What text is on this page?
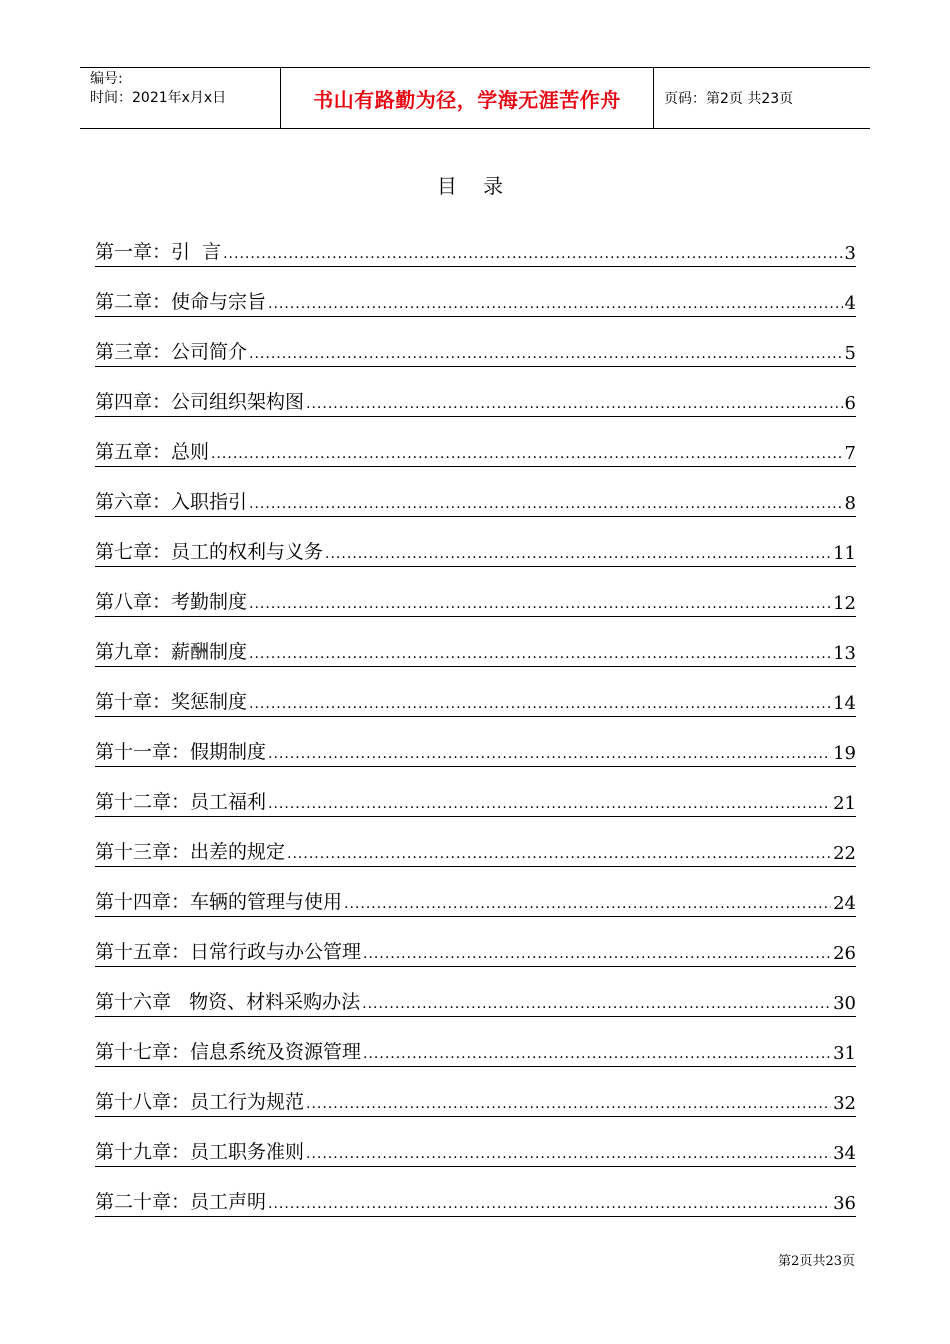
编号:
时间：2021年x月x日	书山有路勤为径，学海无涯苦作舟	页码：第2页 共23页
目 录
第一章：引  言 .....	3
第二章：使命与宗旨 .....	4
第三章：公司简介 .....	5
第四章：公司组织架构图 .....	6
第五章：总则 .....	7
第六章：入职指引 .....	8
第七章：员工的权利与义务 .....	11
第八章：考勤制度 .....	12
第九章：薪酬制度 .....	13
第十章：奖惩制度 .....	14
第十一章：假期制度 .....	19
第十二章：员工福利 .....	21
第十三章：出差的规定 .....	22
第十四章：车辆的管理与使用 .....	24
第十五章：日常行政与办公管理 .....	26
第十六章   物资、材料采购办法 .....	30
第十七章：信息系统及资源管理 .....	31
第十八章：员工行为规范 .....	32
第十九章：员工职务准则 .....	34
第二十章：员工声明 .....	36
第2页共23页
